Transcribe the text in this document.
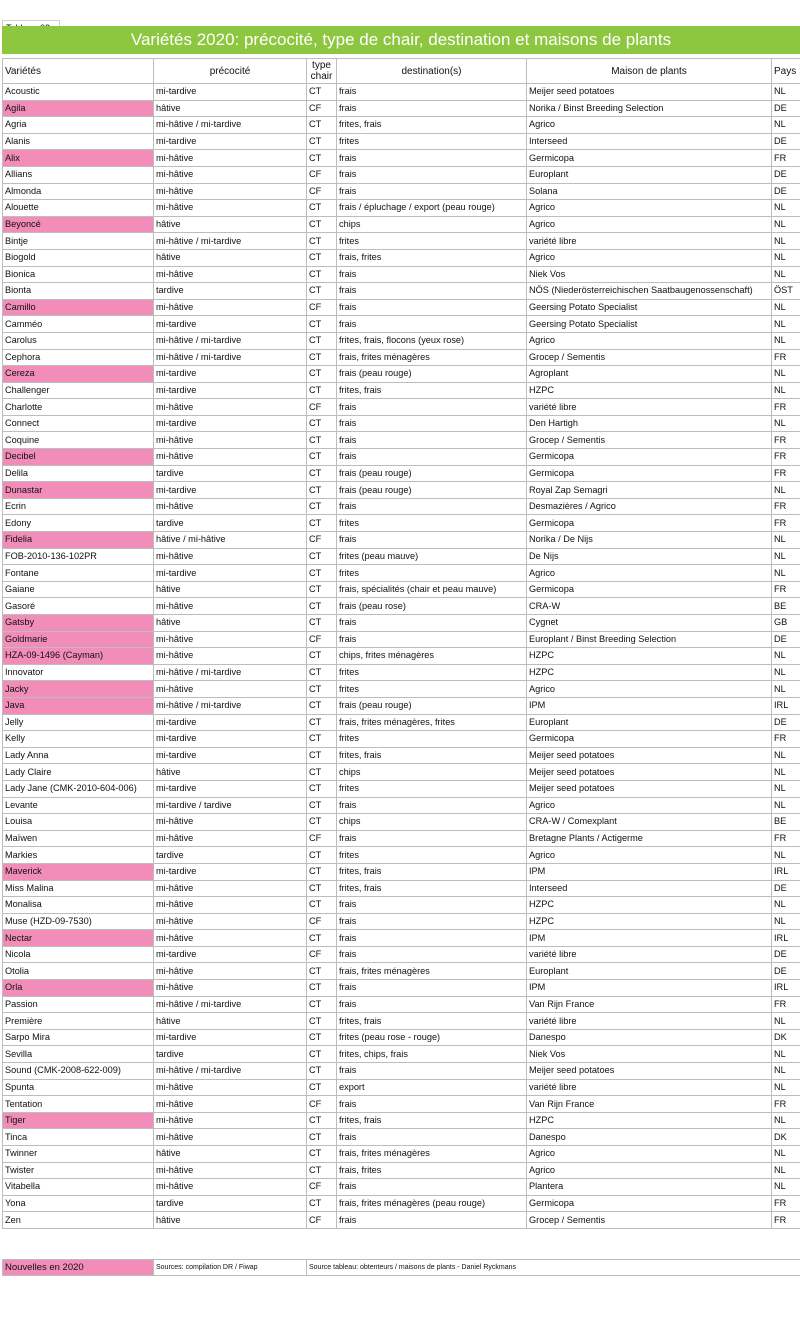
Variétés 2020: précocité, type de chair, destination et maisons de plants
Variétés	précocité	type chair	destination(s)	Maison de plants	Pays
Acoustic	mi-tardive	CT	frais	Meijer seed potatoes	NL
Agila	hâtive	CF	frais	Norika / Binst Breeding Selection	DE
Agria	mi-hâtive / mi-tardive	CT	frites, frais	Agrico	NL
Alanis	mi-tardive	CT	frites	Interseed	DE
Alix	mi-hâtive	CT	frais	Germicopa	FR
Allians	mi-hâtive	CF	frais	Europlant	DE
Almonda	mi-hâtive	CF	frais	Solana	DE
Alouette	mi-hâtive	CT	frais / épluchage / export (peau rouge)	Agrico	NL
Beyoncé	hâtive	CT	chips	Agrico	NL
Bintje	mi-hâtive / mi-tardive	CT	frites	variété libre	NL
Biogold	hâtive	CT	frais, frites	Agrico	NL
Bionica	mi-hâtive	CT	frais	Niek Vos	NL
Bionta	tardive	CT	frais	NÖS (Niederösterreichischen Saatbaugenossenschaft)	ÖST
Camillo	mi-hâtive	CF	frais	Geersing Potato Specialist	NL
Camméo	mi-tardive	CT	frais	Geersing Potato Specialist	NL
Carolus	mi-hâtive / mi-tardive	CT	frites, frais, flocons (yeux rose)	Agrico	NL
Cephora	mi-hâtive / mi-tardive	CT	frais, frites ménagères	Grocep / Sementis	FR
Cereza	mi-tardive	CT	frais (peau rouge)	Agroplant	NL
Challenger	mi-tardive	CT	frites, frais	HZPC	NL
Charlotte	mi-hâtive	CF	frais	variété libre	FR
Connect	mi-tardive	CT	frais	Den Hartigh	NL
Coquine	mi-hâtive	CT	frais	Grocep / Sementis	FR
Decibel	mi-hâtive	CT	frais	Germicopa	FR
Delila	tardive	CT	frais (peau rouge)	Germicopa	FR
Dunastar	mi-tardive	CT	frais (peau rouge)	Royal Zap Semagri	NL
Ecrin	mi-hâtive	CT	frais	Desmazières / Agrico	FR
Edony	tardive	CT	frites	Germicopa	FR
Fidelia	hâtive / mi-hâtive	CF	frais	Norika / De Nijs	NL
FOB-2010-136-102PR	mi-hâtive	CT	frites (peau mauve)	De Nijs	NL
Fontane	mi-tardive	CT	frites	Agrico	NL
Gaiane	hâtive	CT	frais, spécialités (chair et peau mauve)	Germicopa	FR
Gasoré	mi-hâtive	CT	frais (peau rose)	CRA-W	BE
Gatsby	hâtive	CT	frais	Cygnet	GB
Goldmarie	mi-hâtive	CF	frais	Europlant / Binst Breeding Selection	DE
HZA-09-1496 (Cayman)	mi-hâtive	CT	chips, frites ménagères	HZPC	NL
Innovator	mi-hâtive / mi-tardive	CT	frites	HZPC	NL
Jacky	mi-hâtive	CT	frites	Agrico	NL
Java	mi-hâtive / mi-tardive	CT	frais (peau rouge)	IPM	IRL
Jelly	mi-tardive	CT	frais, frites ménagères, frites	Europlant	DE
Kelly	mi-tardive	CT	frites	Germicopa	FR
Lady Anna	mi-tardive	CT	frites, frais	Meijer seed potatoes	NL
Lady Claire	hâtive	CT	chips	Meijer seed potatoes	NL
Lady Jane (CMK-2010-604-006)	mi-tardive	CT	frites	Meijer seed potatoes	NL
Levante	mi-tardive / tardive	CT	frais	Agrico	NL
Louisa	mi-hâtive	CT	chips	CRA-W / Comexplant	BE
Maïwen	mi-hâtive	CF	frais	Bretagne Plants / Actigerme	FR
Markies	tardive	CT	frites	Agrico	NL
Maverick	mi-tardive	CT	frites, frais	IPM	IRL
Miss Malina	mi-hâtive	CT	frites, frais	Interseed	DE
Monalisa	mi-hâtive	CT	frais	HZPC	NL
Muse (HZD-09-7530)	mi-hâtive	CF	frais	HZPC	NL
Nectar	mi-hâtive	CT	frais	IPM	IRL
Nicola	mi-tardive	CF	frais	variété libre	DE
Otolia	mi-hâtive	CT	frais, frites ménagères	Europlant	DE
Orla	mi-hâtive	CT	frais	IPM	IRL
Passion	mi-hâtive / mi-tardive	CT	frais	Van Rijn France	FR
Première	hâtive	CT	frites, frais	variété libre	NL
Sarpo Mira	mi-tardive	CT	frites (peau rose - rouge)	Danespo	DK
Sevilla	tardive	CT	frites, chips, frais	Niek Vos	NL
Sound (CMK-2008-622-009)	mi-hâtive / mi-tardive	CT	frais	Meijer seed potatoes	NL
Spunta	mi-hâtive	CT	export	variété libre	NL
Tentation	mi-hâtive	CF	frais	Van Rijn France	FR
Tiger	mi-hâtive	CT	frites, frais	HZPC	NL
Tinca	mi-hâtive	CT	frais	Danespo	DK
Twinner	hâtive	CT	frais, frites ménagères	Agrico	NL
Twister	mi-hâtive	CT	frais, frites	Agrico	NL
Vitabella	mi-hâtive	CF	frais	Plantera	NL
Yona	tardive	CT	frais, frites ménagères (peau rouge)	Germicopa	FR
Zen	hâtive	CF	frais	Grocep / Sementis	FR
Nouvelles en 2020	Sources: compilation DR / Fiwap	Source tableau: obtenteurs / maisons de plants - Daniel Ryckmans
